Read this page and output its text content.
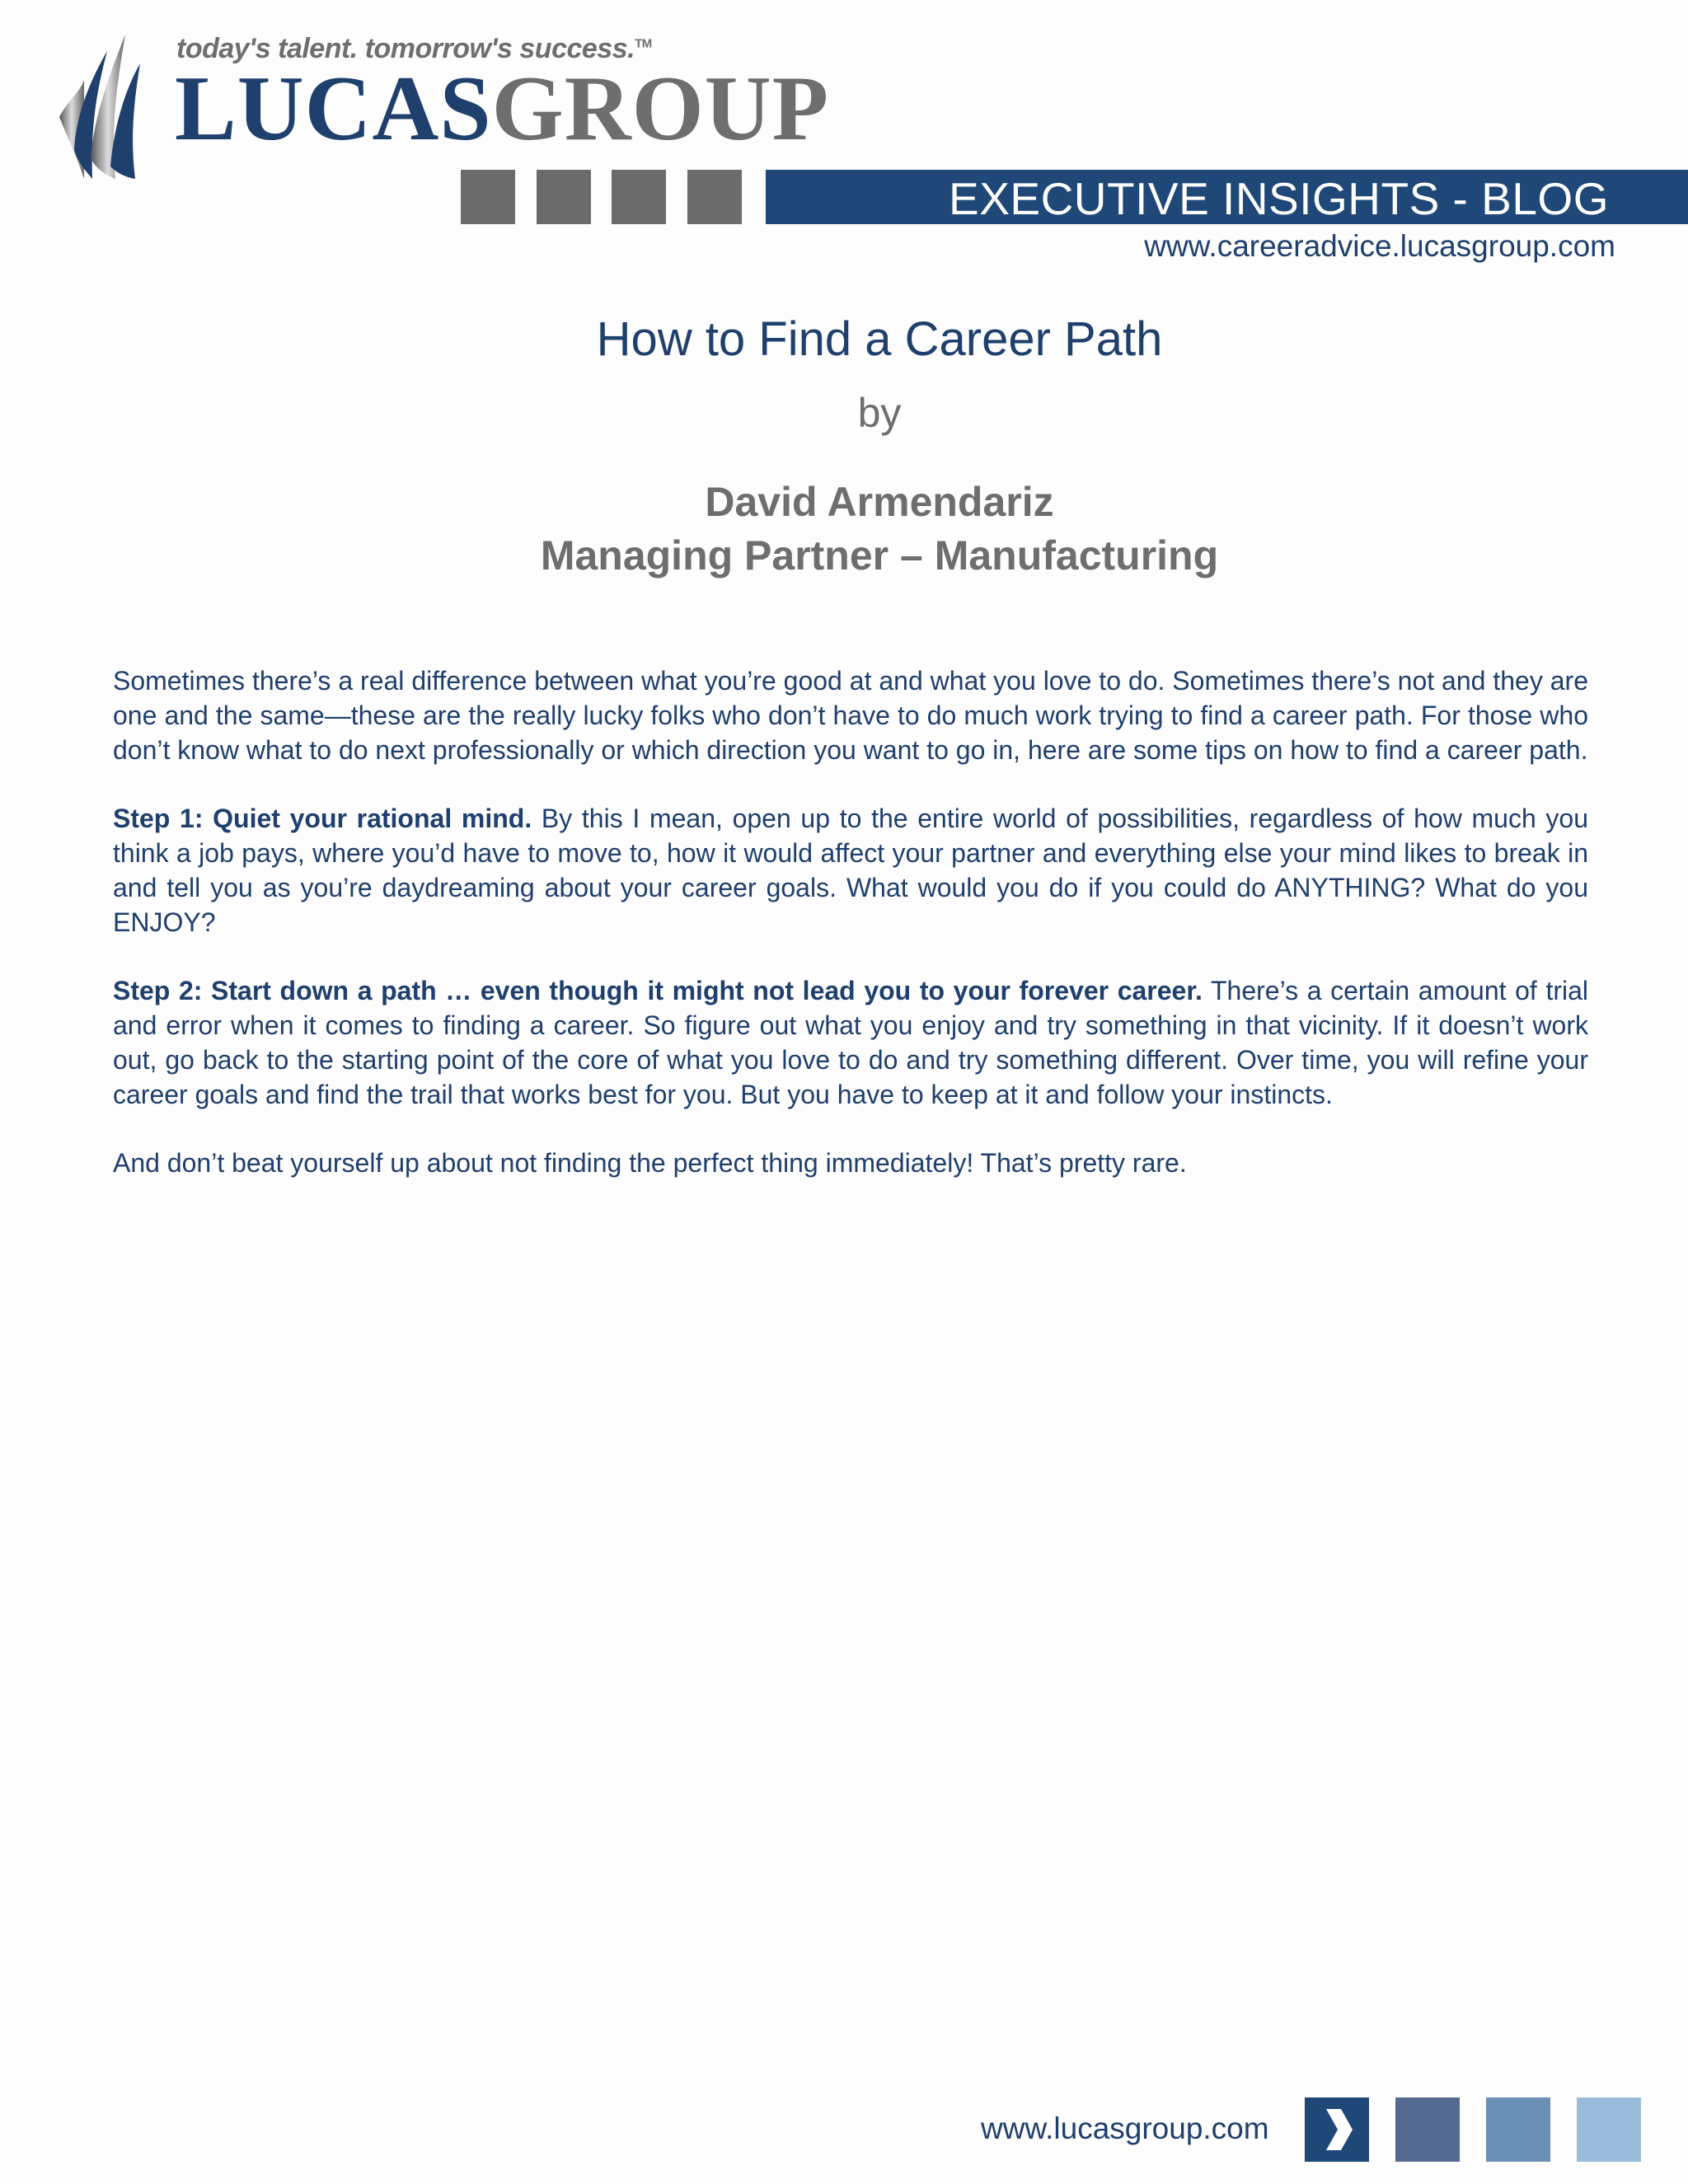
today's talent. tomorrow's success.™
LUCASGROUP
EXECUTIVE INSIGHTS - BLOG
www.careeradvice.lucasgroup.com
How to Find a Career Path
by
David Armendariz
Managing Partner – Manufacturing

Sometimes there’s a real difference between what you’re good at and what you love to do. Sometimes there’s not and they are one and the same—these are the really lucky folks who don’t have to do much work trying to find a career path. For those who don’t know what to do next professionally or which direction you want to go in, here are some tips on how to find a career path.

Step 1: Quiet your rational mind. By this I mean, open up to the entire world of possibilities, regardless of how much you think a job pays, where you’d have to move to, how it would affect your partner and everything else your mind likes to break in and tell you as you’re daydreaming about your career goals. What would you do if you could do ANYTHING? What do you ENJOY?

Step 2: Start down a path … even though it might not lead you to your forever career. There’s a certain amount of trial and error when it comes to finding a career. So figure out what you enjoy and try something in that vicinity. If it doesn’t work out, go back to the starting point of the core of what you love to do and try something different. Over time, you will refine your career goals and find the trail that works best for you. But you have to keep at it and follow your instincts.

And don’t beat yourself up about not finding the perfect thing immediately! That’s pretty rare.

www.lucasgroup.com
